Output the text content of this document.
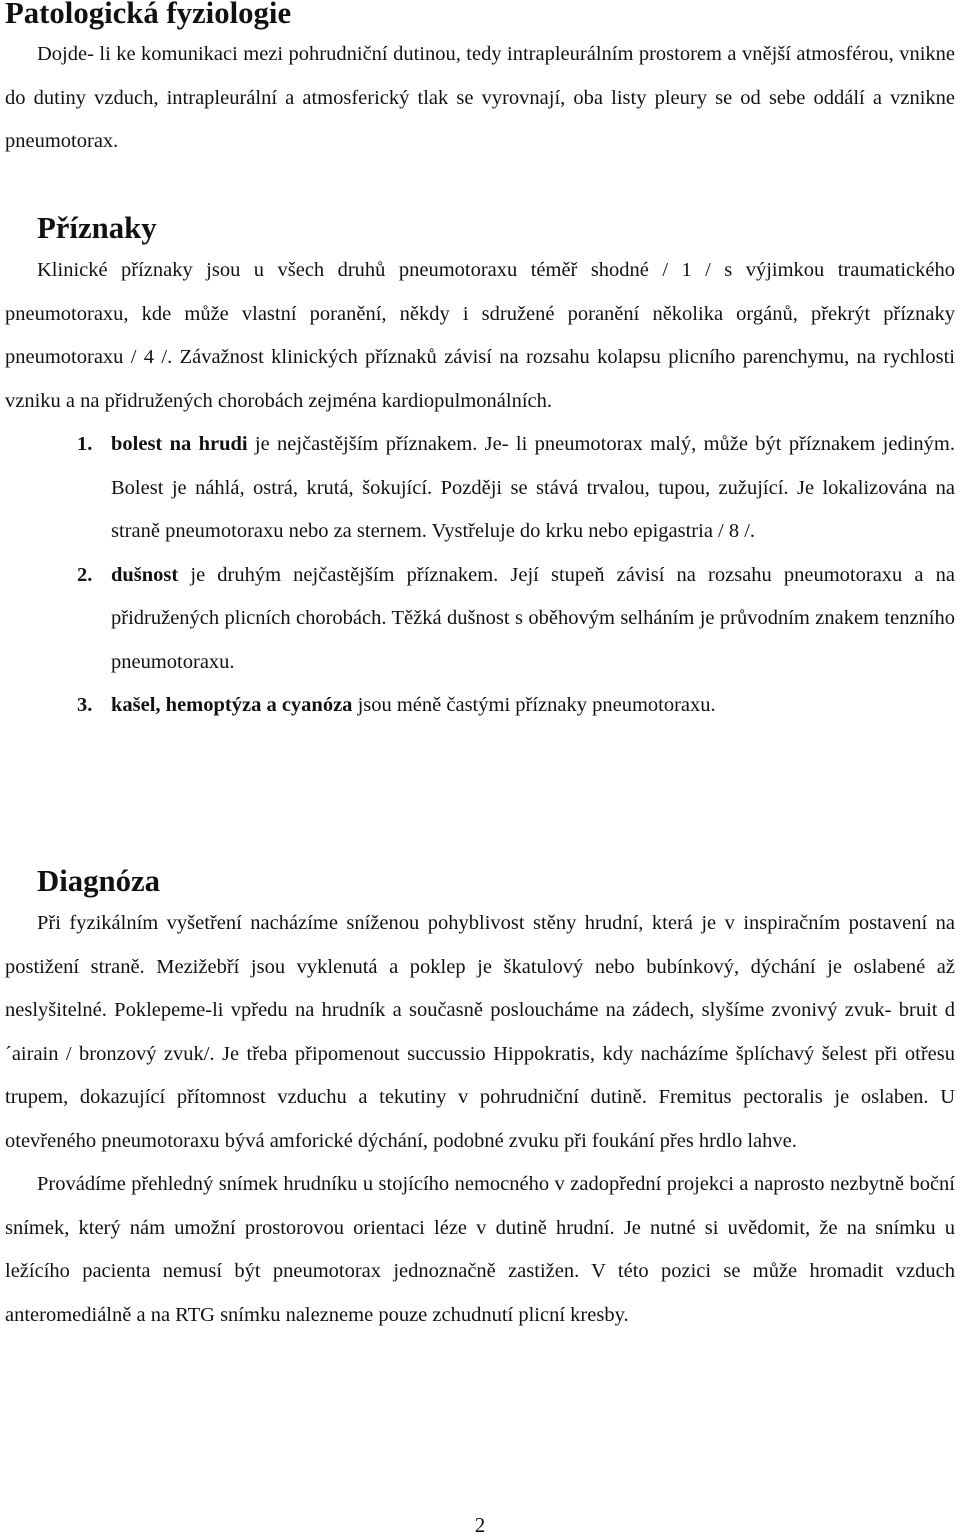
Patologická fyziologie

Dojde- li ke komunikaci mezi pohrudniční dutinou, tedy intrapleurálním prostorem a vnější atmosférou, vnikne do dutiny vzduch, intrapleurální a atmosferický tlak se vyrovnají, oba listy pleury se od sebe oddálí a vznikne pneumotorax.

Příznaky

Klinické příznaky jsou u všech druhů pneumotoraxu téměř shodné / 1 / s výjimkou traumatického pneumotoraxu, kde může vlastní poranění, někdy i sdružené poranění několika orgánů, překrýt příznaky pneumotoraxu / 4 /. Závažnost klinických příznaků závisí na rozsahu kolapsu plicního parenchymu, na rychlosti vzniku a na přidružených chorobách zejména kardiopulmonálních.

1. bolest na hrudi je nejčastějším příznakem. Je- li pneumotorax malý, může být příznakem jediným. Bolest je náhlá, ostrá, krutá, šokující. Později se stává trvalou, tupou, zužující. Je lokalizována na straně pneumotoraxu nebo za sternem. Vystřeluje do krku nebo epigastria / 8 /.
2. dušnost je druhým nejčastějším příznakem. Její stupeň závisí na rozsahu pneumotoraxu a na přidružených plicních chorobách. Těžká dušnost s oběhovým selháním je průvodním znakem tenzního pneumotoraxu.
3. kašel, hemoptýza a cyanóza jsou méně častými příznaky pneumotoraxu.
Diagnóza

Při fyzikálním vyšetření nacházíme sníženou pohyblivost stěny hrudní, která je v inspiračním postavení na postižení straně. Mezižebří jsou vyklenutá a poklep je škatulový nebo bubínkový, dýchání je oslabené až neslyšitelné. Poklepeme-li vpředu na hrudník a současně posloucháme na zádech, slyšíme zvonivý zvuk- bruit d´airain / bronzový zvuk/. Je třeba připomenout succussio Hippokratis, kdy nacházíme šplíchavý šelest při otřesu trupem, dokazující přítomnost vzduchu a tekutiny v pohrudniční dutině. Fremitus pectoralis je oslaben. U otevřeného pneumotoraxu bývá amforické dýchání, podobné zvuku při foukání přes hrdlo lahve.

Provádíme přehledný snímek hrudníku u stojícího nemocného v zadopřední projekci a naprosto nezbytně boční snímek, který nám umožní prostorovou orientaci léze v dutině hrudní. Je nutné si uvědomit, že na snímku u ležícího pacienta nemusí být pneumotorax jednoznačně zastižen. V této pozici se může hromadit vzduch anteromediálně a na RTG snímku nalezneme pouze zchudnutí plicní kresby.

2
